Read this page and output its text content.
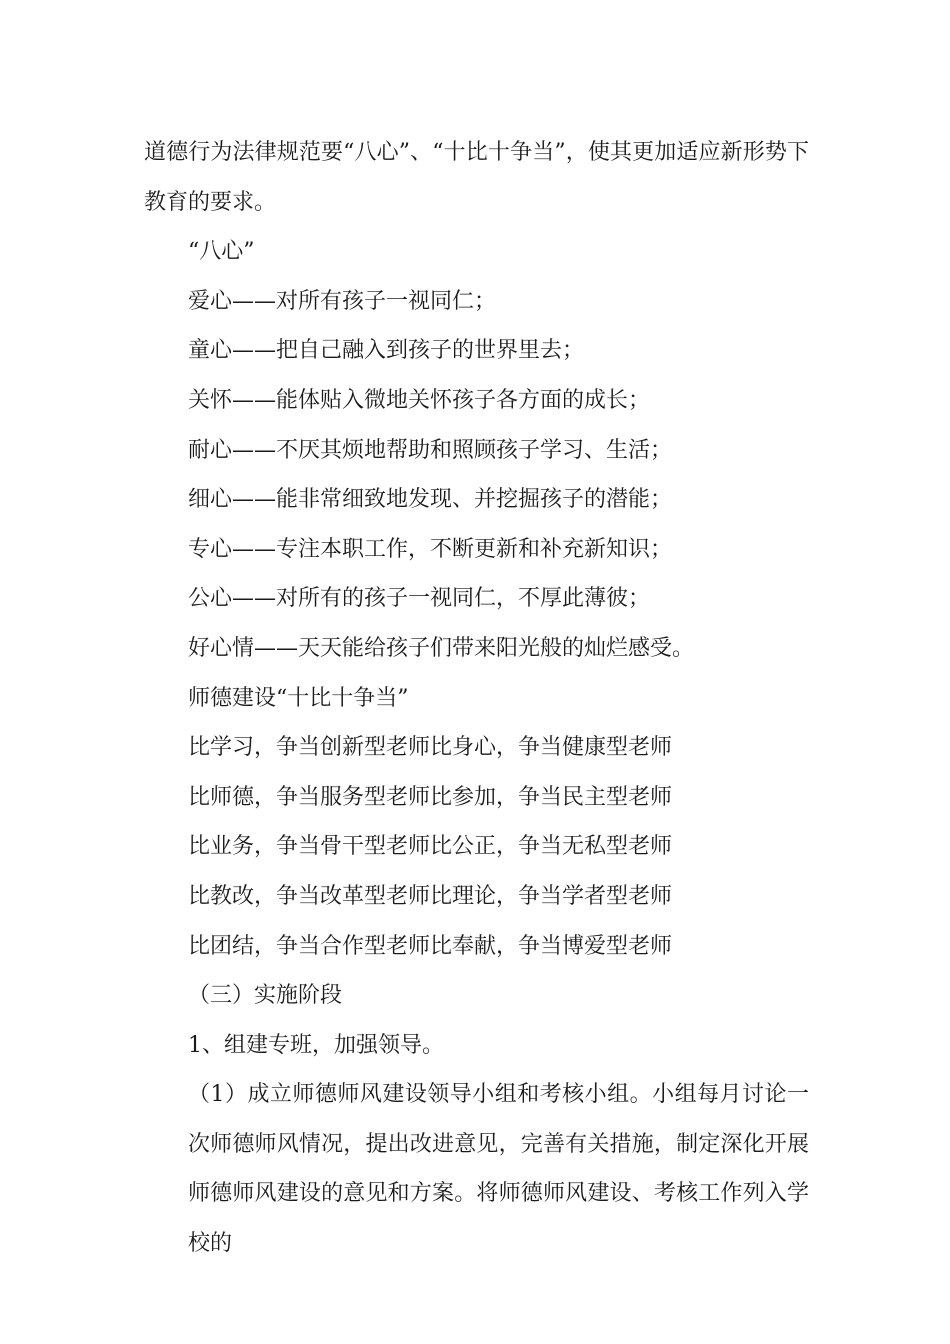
道德行为法律规范要“八心”、“十比十争当”，使其更加适应新形势下教育的要求。

“八心”

爱心——对所有孩子一视同仁；

童心——把自己融入到孩子的世界里去；

关怀——能体贴入微地关怀孩子各方面的成长；

耐心——不厌其烦地帮助和照顾孩子学习、生活；

细心——能非常细致地发现、并挖掘孩子的潜能；

专心——专注本职工作，不断更新和补充新知识；

公心——对所有的孩子一视同仁，不厚此薄彼；

好心情——天天能给孩子们带来阳光般的灿烂感受。

师德建设“十比十争当”

比学习，争当创新型老师比身心，争当健康型老师

比师德，争当服务型老师比参加，争当民主型老师

比业务，争当骨干型老师比公正，争当无私型老师

比教改，争当改革型老师比理论，争当学者型老师

比团结，争当合作型老师比奉献，争当博爱型老师

（三）实施阶段

1、组建专班，加强领导。

（1）成立师德师风建设领导小组和考核小组。小组每月讨论一次师德师风情况，提出改进意见，完善有关措施，制定深化开展师德师风建设的意见和方案。将师德师风建设、考核工作列入学校的
